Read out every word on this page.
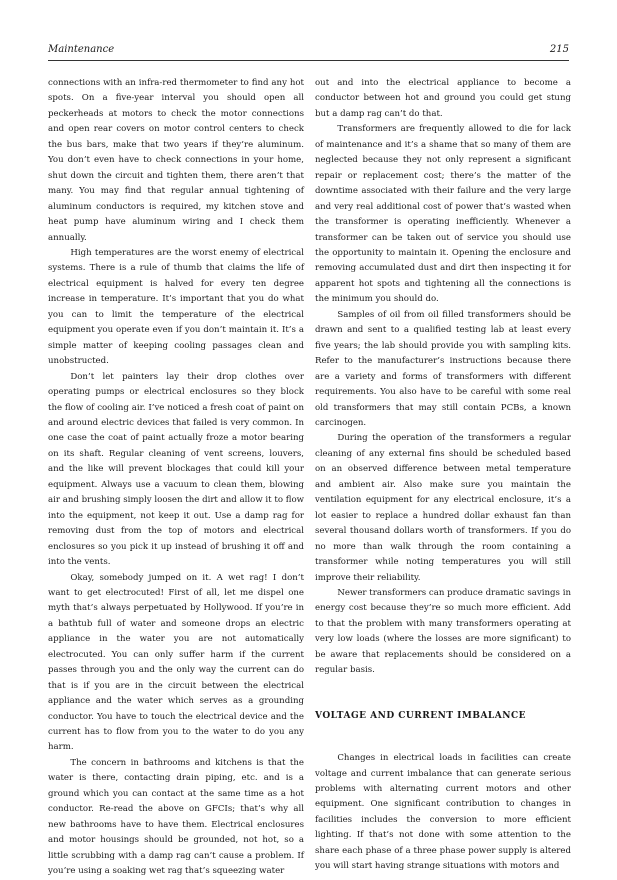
Maintenance	215

connections with an infra-red thermometer to find any hot spots. On a five-year interval you should open all peckerheads at motors to check the motor connections and open rear covers on motor control centers to check the bus bars, make that two years if they’re aluminum. You don’t even have to check connections in your home, shut down the circuit and tighten them, there aren’t that many. You may find that regular annual tightening of aluminum conductors is required, my kitchen stove and heat pump have aluminum wiring and I check them annually.

High temperatures are the worst enemy of electrical systems. There is a rule of thumb that claims the life of electrical equipment is halved for every ten degree increase in temperature. It’s important that you do what you can to limit the temperature of the electrical equipment you operate even if you don’t maintain it. It’s a simple matter of keeping cooling passages clean and unobstructed.

Don’t let painters lay their drop clothes over operating pumps or electrical enclosures so they block the flow of cooling air. I’ve noticed a fresh coat of paint on and around electric devices that failed is very common. In one case the coat of paint actually froze a motor bearing on its shaft. Regular cleaning of vent screens, louvers, and the like will prevent blockages that could kill your equipment. Always use a vacuum to clean them, blowing air and brushing simply loosen the dirt and allow it to flow into the equipment, not keep it out. Use a damp rag for removing dust from the top of motors and electrical enclosures so you pick it up instead of brushing it off and into the vents.

Okay, somebody jumped on it. A wet rag! I don’t want to get electrocuted! First of all, let me dispel one myth that’s always perpetuated by Hollywood. If you’re in a bathtub full of water and someone drops an electric appliance in the water you are not automatically electrocuted. You can only suffer harm if the current passes through you and the only way the current can do that is if you are in the circuit between the electrical appliance and the water which serves as a grounding conductor. You have to touch the electrical device and the current has to flow from you to the water to do you any harm.

The concern in bathrooms and kitchens is that the water is there, contacting drain piping, etc. and is a ground which you can contact at the same time as a hot conductor. Re-read the above on GFCIs; that’s why all new bathrooms have to have them. Electrical enclosures and motor housings should be grounded, not hot, so a little scrubbing with a damp rag can’t cause a problem. If you’re using a soaking wet rag that’s squeezing water

out and into the electrical appliance to become a conductor between hot and ground you could get stung but a damp rag can’t do that.

Transformers are frequently allowed to die for lack of maintenance and it’s a shame that so many of them are neglected because they not only represent a significant repair or replacement cost; there’s the matter of the downtime associated with their failure and the very large and very real additional cost of power that’s wasted when the transformer is operating inefficiently. Whenever a transformer can be taken out of service you should use the opportunity to maintain it. Opening the enclosure and removing accumulated dust and dirt then inspecting it for apparent hot spots and tightening all the connections is the minimum you should do.

Samples of oil from oil filled transformers should be drawn and sent to a qualified testing lab at least every five years; the lab should provide you with sampling kits. Refer to the manufacturer’s instructions because there are a variety and forms of transformers with different requirements. You also have to be careful with some real old transformers that may still contain PCBs, a known carcinogen.

During the operation of the transformers a regular cleaning of any external fins should be scheduled based on an observed difference between metal temperature and ambient air. Also make sure you maintain the ventilation equipment for any electrical enclosure, it’s a lot easier to replace a hundred dollar exhaust fan than several thousand dollars worth of transformers. If you do no more than walk through the room containing a transformer while noting temperatures you will still improve their reliability.

Newer transformers can produce dramatic savings in energy cost because they’re so much more efficient. Add to that the problem with many transformers operating at very low loads (where the losses are more significant) to be aware that replacements should be considered on a regular basis.

VOLTAGE AND CURRENT IMBALANCE

Changes in electrical loads in facilities can create voltage and current imbalance that can generate serious problems with alternating current motors and other equipment. One significant contribution to changes in facilities includes the conversion to more efficient lighting. If that’s not done with some attention to the share each phase of a three phase power supply is altered you will start having strange situations with motors and
